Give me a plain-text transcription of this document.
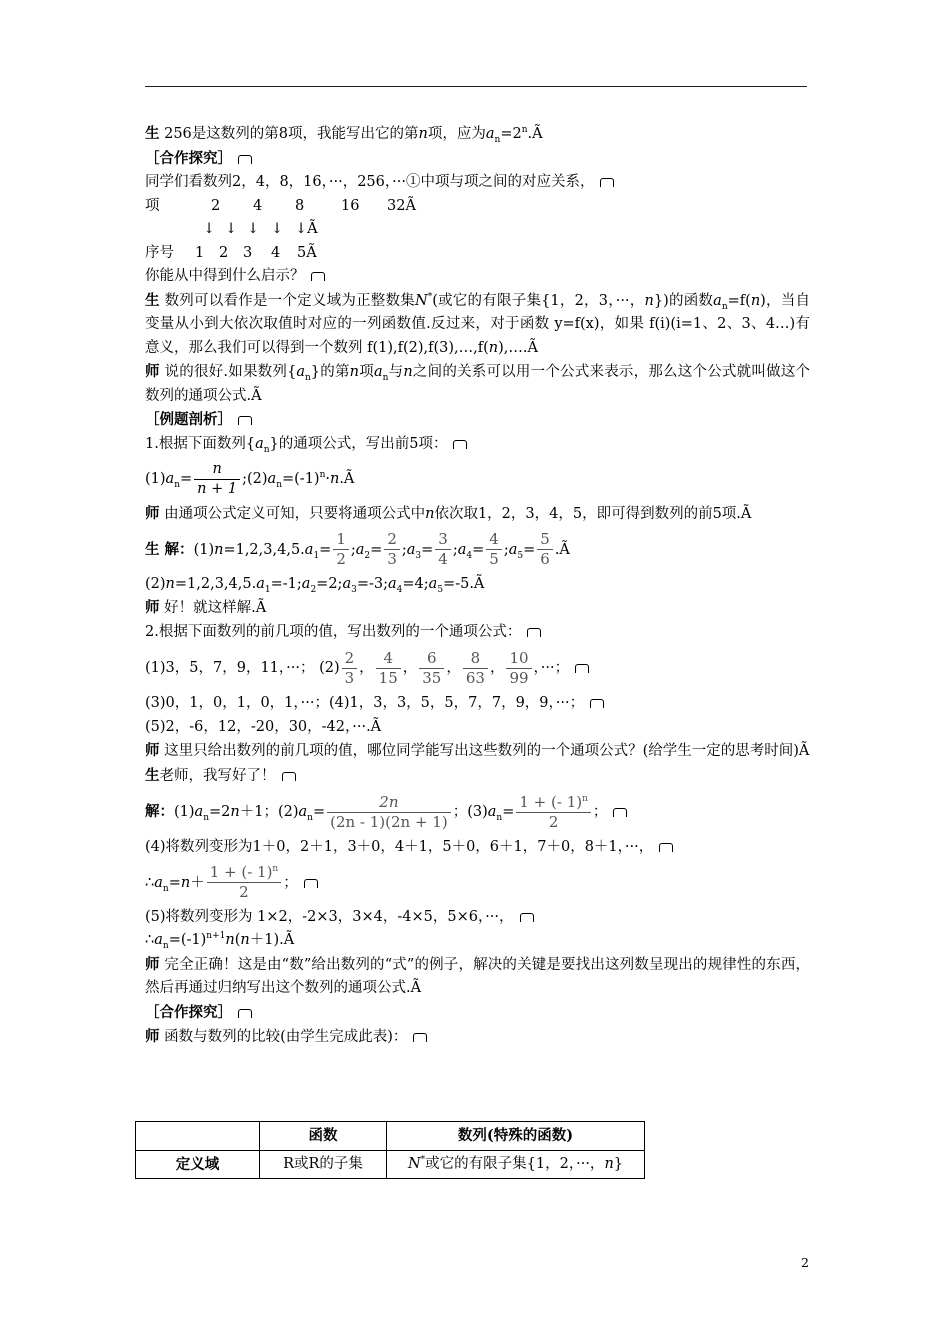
生 256是这数列的第8项，我能写出它的第n项，应为$a_n=2^n.Ã$
［合作探究］
同学们看数列2，4，8，16，···，256，···①中项与项之间的对应关系，
项	2 4 8	16 32Ã
↓ ↓ ↓ ↓ ↓Ã
序号 1 2 3 4 5Ã
你能从中得到什么启示？
生 数列可以看作是一个定义域为正整数集N*(或它的有限子集{1，2，3，···，n})的函数$a_n=f(n)$，当自变量从小到大依次取值时对应的一列函数值.反过来，对于函数 y=f(x)，如果 f(i)(i=1、2、3、4…)有意义，那么我们可以得到一个数列 f(1),f(2),f(3),…,f(n),….Ã
师 说的很好.如果数列$\{a_n\}$的第n项$a_n$与n之间的关系可以用一个公式来表示，那么这个公式就叫做这个数列的通项公式.Ã
［例题剖析］
1.根据下面数列$\{a_n\}$的通项公式，写出前5项：
$(1)a_n= \frac{n}{n + 1}$ $;(2)a_n=(-1)^n\cdot n.Ã$
师 由通项公式定义可知，只要将通项公式中n依次取1，2，3，4，5，即可得到数列的前5项.Ã
生 解：$(1)n=1,2,3,4,5.a_1= \frac{1}{2}$ $;a_2= \frac{2}{3}$ $;a_3= \frac{3}{4}$ $;a_4= \frac{4}{5}$ $;a_5= \frac{5}{6}$ .Ã
$(2)n=1,2,3,4,5.a_1=-1;a_2=2;a_3=-3;a_4=4;a_5=-5.Ã$
师 好！就这样解.Ã
2.根据下面数列的前几项的值，写出数列的一个通项公式：
(1)3，5，7，9，11，···； $(2) \frac{2}{3}$ ， $\frac{4}{15}$ ， $\frac{6}{35}$ ， $\frac{8}{63}$ ， $\frac{10}{99}$ ，···；
(3)0，1，0，1，0，1，···；(4)1，3，3，5，5，7，7，9，9，···；
(5)2，-6，12，-20，30，-42，···.Ã
师 这里只给出数列的前几项的值，哪位同学能写出这些数列的一个通项公式？(给学生一定的思考时间)Ã
生老师，我写好了！
解：$(1)a_n=2n+1$；$(2)a_n= \frac{2n}{(2n - 1)(2n + 1)}$ ；$(3)a_n= \frac{1 + (- 1)^n}{2}$ ；
(4)将数列变形为1＋0，2＋1，3＋0，4＋1，5＋0，6＋1，7＋0，8＋1，···，
$\therefore a_n=n+ \frac{1 + (- 1)^n}{2}$ ；
(5)将数列变形为 1×2，-2×3，3×4，-4×5，5×6，···，
$\therefore a_n=(-1)^{n+1}n(n+1).Ã$
师 完全正确！这是由“数”给出数列的“式”的例子，解决的关键是要找出这列数呈现出的规律性的东西，然后再通过归纳写出这个数列的通项公式.Ã
［合作探究］
师 函数与数列的比较(由学生完成此表)：
	函数	数列(特殊的函数)
定义域	R或R的子集	N*或它的有限子集{1，2，···，n}
2
